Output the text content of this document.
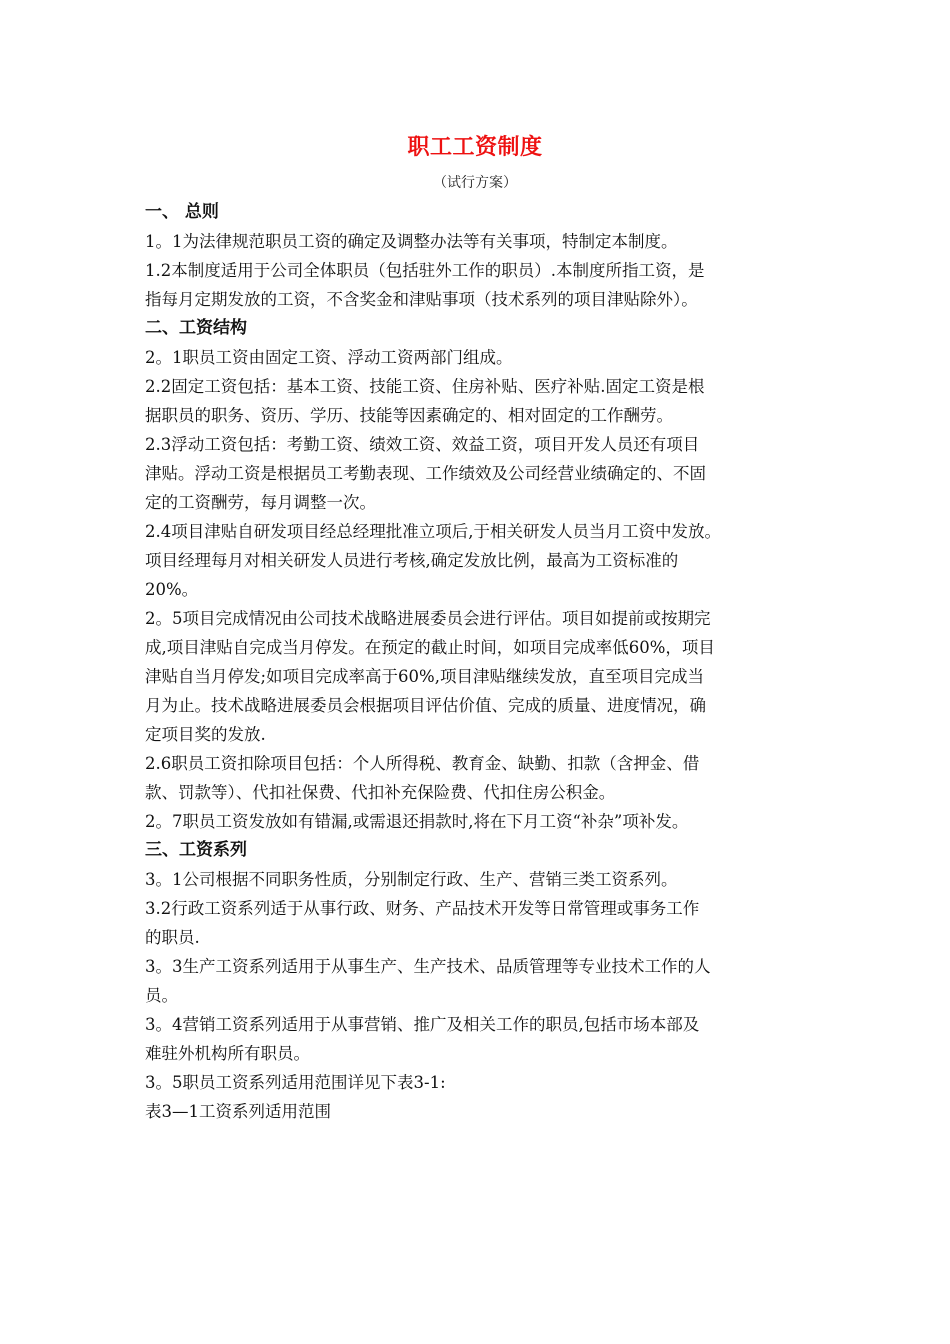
职工工资制度
（试行方案）
一、 总则
1。1为法律规范职员工资的确定及调整办法等有关事项，特制定本制度。
1.2本制度适用于公司全体职员（包括驻外工作的职员）.本制度所指工资，是
指每月定期发放的工资，不含奖金和津贴事项（技术系列的项目津贴除外）。
二、工资结构
2。1职员工资由固定工资、浮动工资两部门组成。
2.2固定工资包括：基本工资、技能工资、住房补贴、医疗补贴.固定工资是根
据职员的职务、资历、学历、技能等因素确定的、相对固定的工作酬劳。
2.3浮动工资包括：考勤工资、绩效工资、效益工资，项目开发人员还有项目
津贴。浮动工资是根据员工考勤表现、工作绩效及公司经营业绩确定的、不固
定的工资酬劳，每月调整一次。
2.4项目津贴自研发项目经总经理批准立项后,于相关研发人员当月工资中发放。
项目经理每月对相关研发人员进行考核,确定发放比例，最高为工资标准的
20%。
2。5项目完成情况由公司技术战略进展委员会进行评估。项目如提前或按期完
成,项目津贴自完成当月停发。在预定的截止时间，如项目完成率低60%，项目
津贴自当月停发;如项目完成率高于60%,项目津贴继续发放，直至项目完成当
月为止。技术战略进展委员会根据项目评估价值、完成的质量、进度情况，确
定项目奖的发放.
2.6职员工资扣除项目包括：个人所得税、教育金、缺勤、扣款（含押金、借
款、罚款等）、代扣社保费、代扣补充保险费、代扣住房公积金。
2。7职员工资发放如有错漏,或需退还捐款时,将在下月工资“补杂”项补发。
三、工资系列
3。1公司根据不同职务性质，分别制定行政、生产、营销三类工资系列。
3.2行政工资系列适于从事行政、财务、产品技术开发等日常管理或事务工作
的职员.
3。3生产工资系列适用于从事生产、生产技术、品质管理等专业技术工作的人
员。
3。4营销工资系列适用于从事营销、推广及相关工作的职员,包括市场本部及
难驻外机构所有职员。
3。5职员工资系列适用范围详见下表3-1:
表3—1工资系列适用范围
